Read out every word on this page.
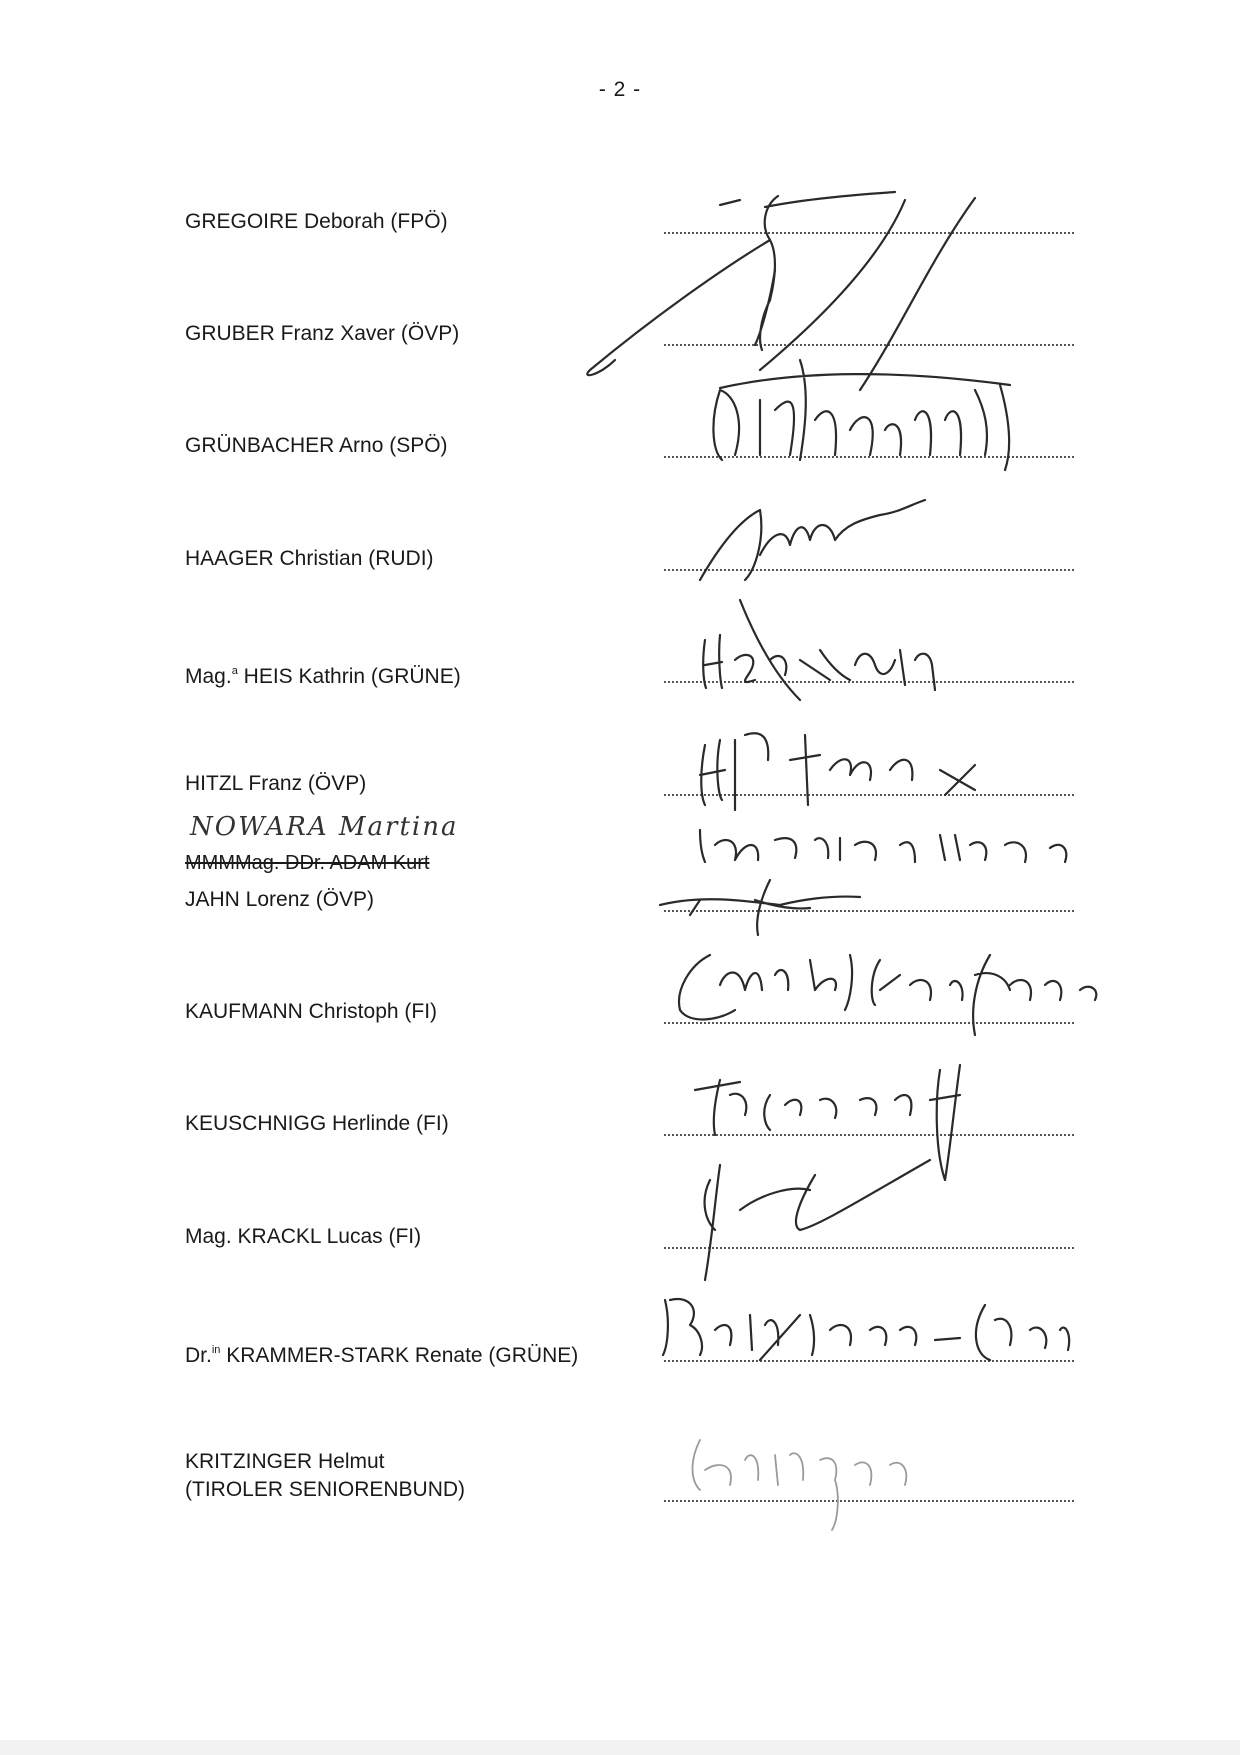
- 2 -
GREGOIRE Deborah (FPÖ)
GRUBER Franz Xaver (ÖVP)
GRÜNBACHER Arno (SPÖ)
HAAGER Christian (RUDI)
Mag.$^a$ HEIS Kathrin (GRÜNE)
HITZL Franz (ÖVP)
NOWARA Martina
MMMMag. DDr. ADAM Kurt
JAHN Lorenz (ÖVP)
KAUFMANN Christoph (FI)
KEUSCHNIGG Herlinde (FI)
Mag. KRACKL Lucas (FI)
Dr.$^{in}$ KRAMMER-STARK Renate (GRÜNE)
KRITZINGER Helmut
(TIROLER SENIORENBUND)
